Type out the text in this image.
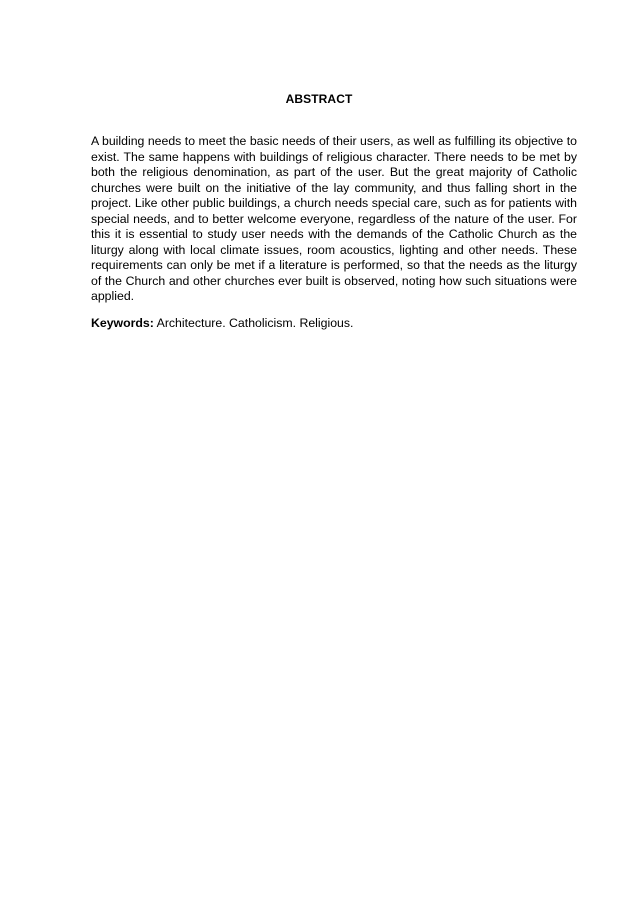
ABSTRACT

A building needs to meet the basic needs of their users, as well as fulfilling its objective to exist. The same happens with buildings of religious character. There needs to be met by both the religious denomination, as part of the user. But the great majority of Catholic churches were built on the initiative of the lay community, and thus falling short in the project. Like other public buildings, a church needs special care, such as for patients with special needs, and to better welcome everyone, regardless of the nature of the user. For this it is essential to study user needs with the demands of the Catholic Church as the liturgy along with local climate issues, room acoustics, lighting and other needs. These requirements can only be met if a literature is performed, so that the needs as the liturgy of the Church and other churches ever built is observed, noting how such situations were applied.

Keywords: Architecture. Catholicism. Religious.
